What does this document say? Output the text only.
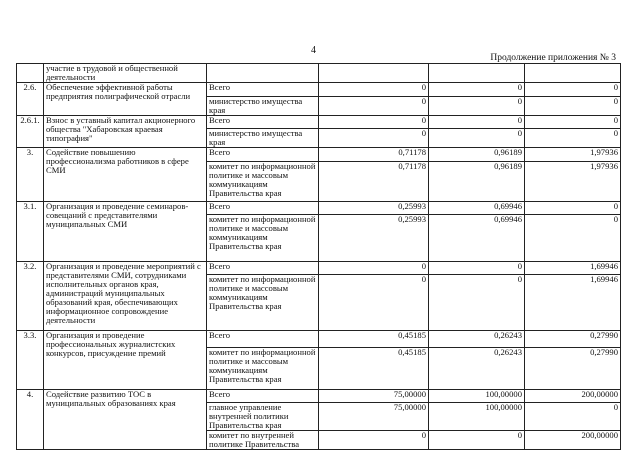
4
Продолжение приложения № 3
	участие в трудовой и общественной деятельности				
2.6.	Обеспечение эффективной работы предприятия полиграфической отрасли	Всего	0	0	0
		министерство имущества края	0	0	0
2.6.1.	Взнос в уставный капитал акционерного общества "Хабаровская краевая типография"	Всего	0	0	0
		министерство имущества края	0	0	0
3.	Содействие повышению профессионализма работников в сфере СМИ	Всего	0,71178	0,96189	1,97936
		комитет по информационной политике и массовым коммуникациям Правительства края	0,71178	0,96189	1,97936
3.1.	Организация и проведение семинаров-совещаний с представителями муниципальных СМИ	Всего	0,25993	0,69946	0
		комитет по информационной политике и массовым коммуникациям Правительства края	0,25993	0,69946	0
3.2.	Организация и проведение мероприятий с представителями СМИ, сотрудниками исполнительных органов края, администраций муниципальных образований края, обеспечивающих информационное сопровождение деятельности	Всего	0	0	1,69946
		комитет по информационной политике и массовым коммуникациям Правительства края	0	0	1,69946
3.3.	Организация и проведение профессиональных журналистских конкурсов, присуждение премий	Всего	0,45185	0,26243	0,27990
		комитет по информационной политике и массовым коммуникациям Правительства края	0,45185	0,26243	0,27990
4.	Содействие развитию ТОС в муниципальных образованиях края	Всего	75,00000	100,00000	200,00000
		главное управление внутренней политики Правительства края	75,00000	100,00000	0
		комитет по внутренней политике Правительства	0	0	200,00000
